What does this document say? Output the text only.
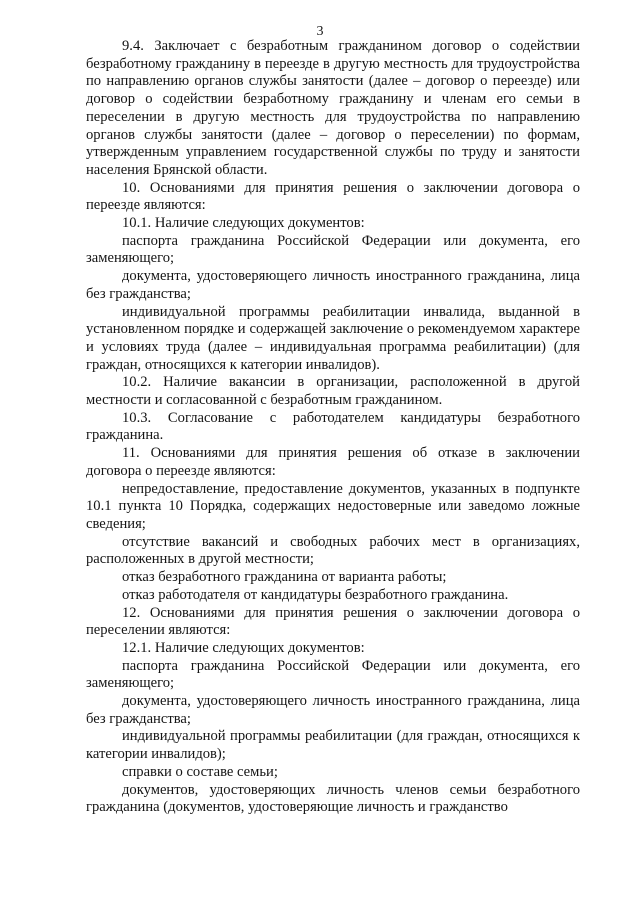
3

9.4. Заключает с безработным гражданином договор о содействии безработному гражданину в переезде в другую местность для трудоустройства по направлению органов службы занятости (далее – договор о переезде) или договор о содействии безработному гражданину и членам его семьи в переселении в другую местность для трудоустройства по направлению органов службы занятости (далее – договор о переселении) по формам, утвержденным управлением государственной службы по труду и занятости населения Брянской области.

10. Основаниями для принятия решения о заключении договора о переезде являются:

10.1. Наличие следующих документов:

паспорта гражданина Российской Федерации или документа, его заменяющего;

документа, удостоверяющего личность иностранного гражданина, лица без гражданства;

индивидуальной программы реабилитации инвалида, выданной в установленном порядке и содержащей заключение о рекомендуемом характере и условиях труда (далее – индивидуальная программа реабилитации) (для граждан, относящихся к категории инвалидов).

10.2. Наличие вакансии в организации, расположенной в другой местности и согласованной с безработным гражданином.

10.3. Согласование с работодателем кандидатуры безработного гражданина.

11. Основаниями для принятия решения об отказе в заключении договора о переезде являются:

непредоставление, предоставление документов, указанных в подпункте 10.1 пункта 10 Порядка, содержащих недостоверные или заведомо ложные сведения;

отсутствие вакансий и свободных рабочих мест в организациях, расположенных в другой местности;

отказ безработного гражданина от варианта работы;

отказ работодателя от кандидатуры безработного гражданина.

12. Основаниями для принятия решения о заключении договора о переселении являются:

12.1. Наличие следующих документов:

паспорта гражданина Российской Федерации или документа, его заменяющего;

документа, удостоверяющего личность иностранного гражданина, лица без гражданства;

индивидуальной программы реабилитации (для граждан, относящихся к категории инвалидов);

справки о составе семьи;

документов, удостоверяющих личность членов семьи безработного гражданина (документов, удостоверяющие личность и гражданство
